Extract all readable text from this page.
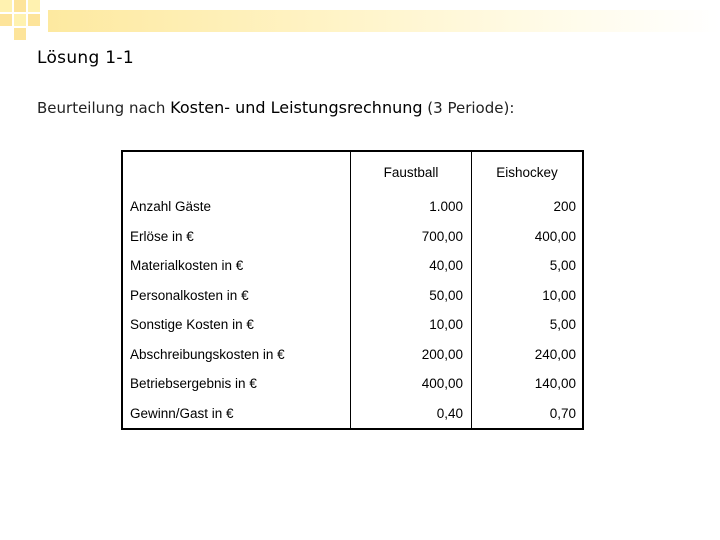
Lösung 1-1
Beurteilung nach Kosten- und Leistungsrechnung (3 Periode):
	Faustball	Eishockey
Anzahl Gäste	1.000	200
Erlöse in €	700,00	400,00
Materialkosten in €	40,00	5,00
Personalkosten in €	50,00	10,00
Sonstige Kosten in €	10,00	5,00
Abschreibungskosten in €	200,00	240,00
Betriebsergebnis in €	400,00	140,00
Gewinn/Gast in €	0,40	0,70
